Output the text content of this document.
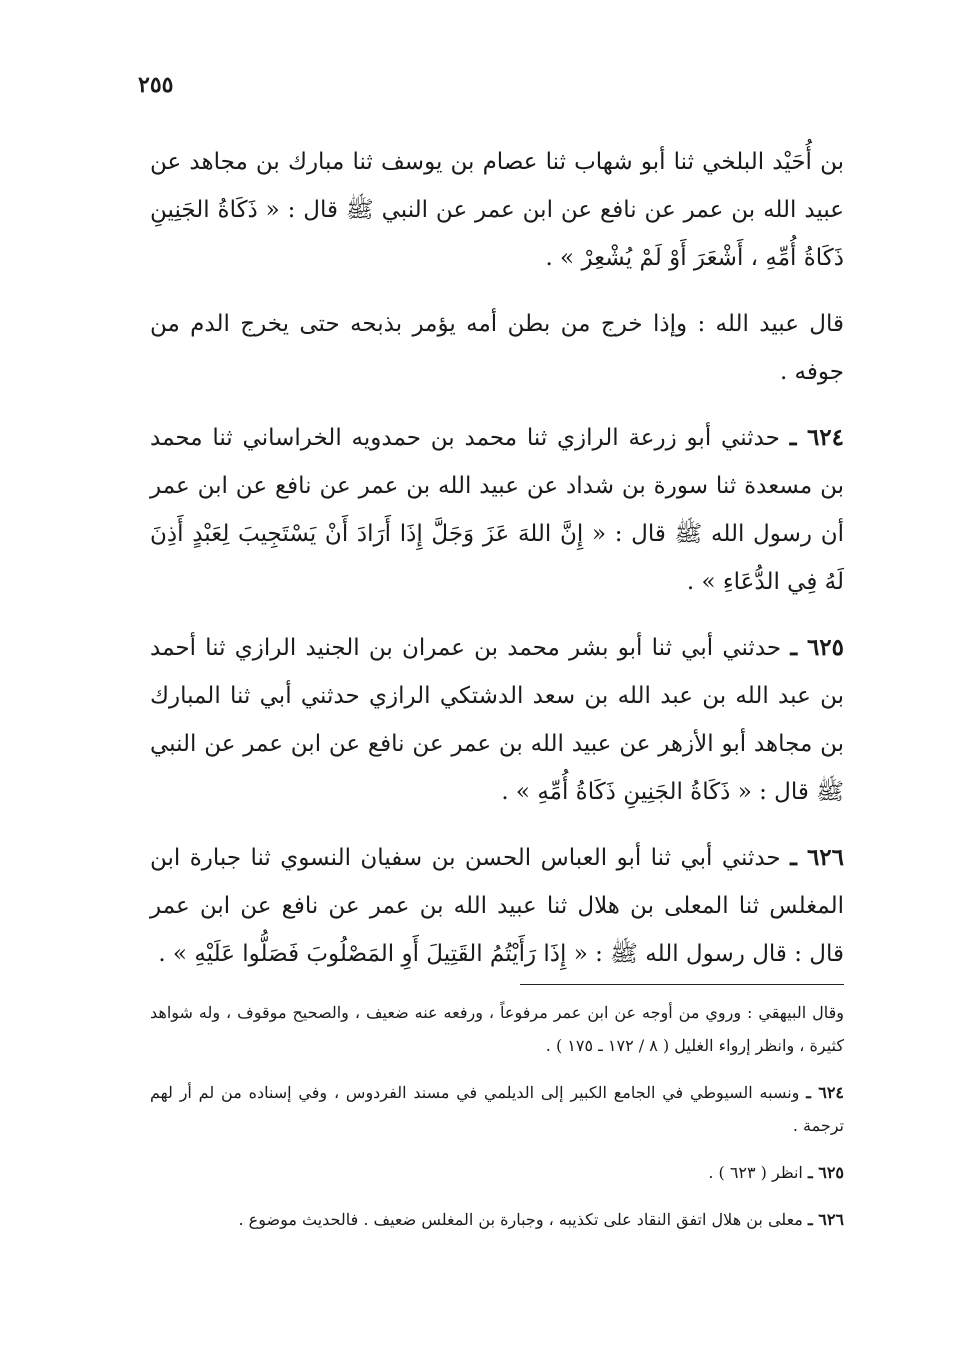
٢٥٥

بن أُحَيْد البلخي ثنا أبو شهاب ثنا عصام بن يوسف ثنا مبارك بن مجاهد عن عبيد الله بن عمر عن نافع عن ابن عمر عن النبي ﷺ قال : « ذَكَاةُ الجَنِينِ ذَكَاةُ أُمِّهِ ، أَشْعَرَ أَوْ لَمْ يُشْعِرْ » .

قال عبيد الله : وإذا خرج من بطن أمه يؤمر بذبحه حتى يخرج الدم من جوفه .

٦٢٤ ـ حدثني أبو زرعة الرازي ثنا محمد بن حمدويه الخراساني ثنا محمد بن مسعدة ثنا سورة بن شداد عن عبيد الله بن عمر عن نافع عن ابن عمر أن رسول الله ﷺ قال : « إِنَّ اللهَ عَزَ وَجَلَّ إِذَا أَرَادَ أَنْ يَسْتَجِيبَ لِعَبْدٍ أَذِنَ لَهُ فِي الدُّعَاءِ » .

٦٢٥ ـ حدثني أبي ثنا أبو بشر محمد بن عمران بن الجنيد الرازي ثنا أحمد بن عبد الله بن عبد الله بن سعد الدشتكي الرازي حدثني أبي ثنا المبارك بن مجاهد أبو الأزهر عن عبيد الله بن عمر عن نافع عن ابن عمر عن النبي ﷺ قال : « ذَكَاةُ الجَنِينِ ذَكَاةُ أُمِّهِ » .

٦٢٦ ـ حدثني أبي ثنا أبو العباس الحسن بن سفيان النسوي ثنا جبارة ابن المغلس ثنا المعلى بن هلال ثنا عبيد الله بن عمر عن نافع عن ابن عمر قال : قال رسول الله ﷺ : « إِذَا رَأَيْتُمُ القَتِيلَ أَوِ المَصْلُوبَ فَصَلُّوا عَلَيْهِ » .

وقال البيهقي : وروي من أوجه عن ابن عمر مرفوعاً ، ورفعه عنه ضعيف ، والصحيح موقوف ، وله شواهد كثيرة ، وانظر إرواء الغليل ( ٨ / ١٧٢ ـ ١٧٥ ) .

٦٢٤ ـ ونسبه السيوطي في الجامع الكبير إلى الديلمي في مسند الفردوس ، وفي إسناده من لم أر لهم ترجمة .

٦٢٥ ـ انظر ( ٦٢٣ ) .

٦٢٦ ـ معلى بن هلال اتفق النقاد على تكذيبه ، وجبارة بن المغلس ضعيف . فالحديث موضوع .
